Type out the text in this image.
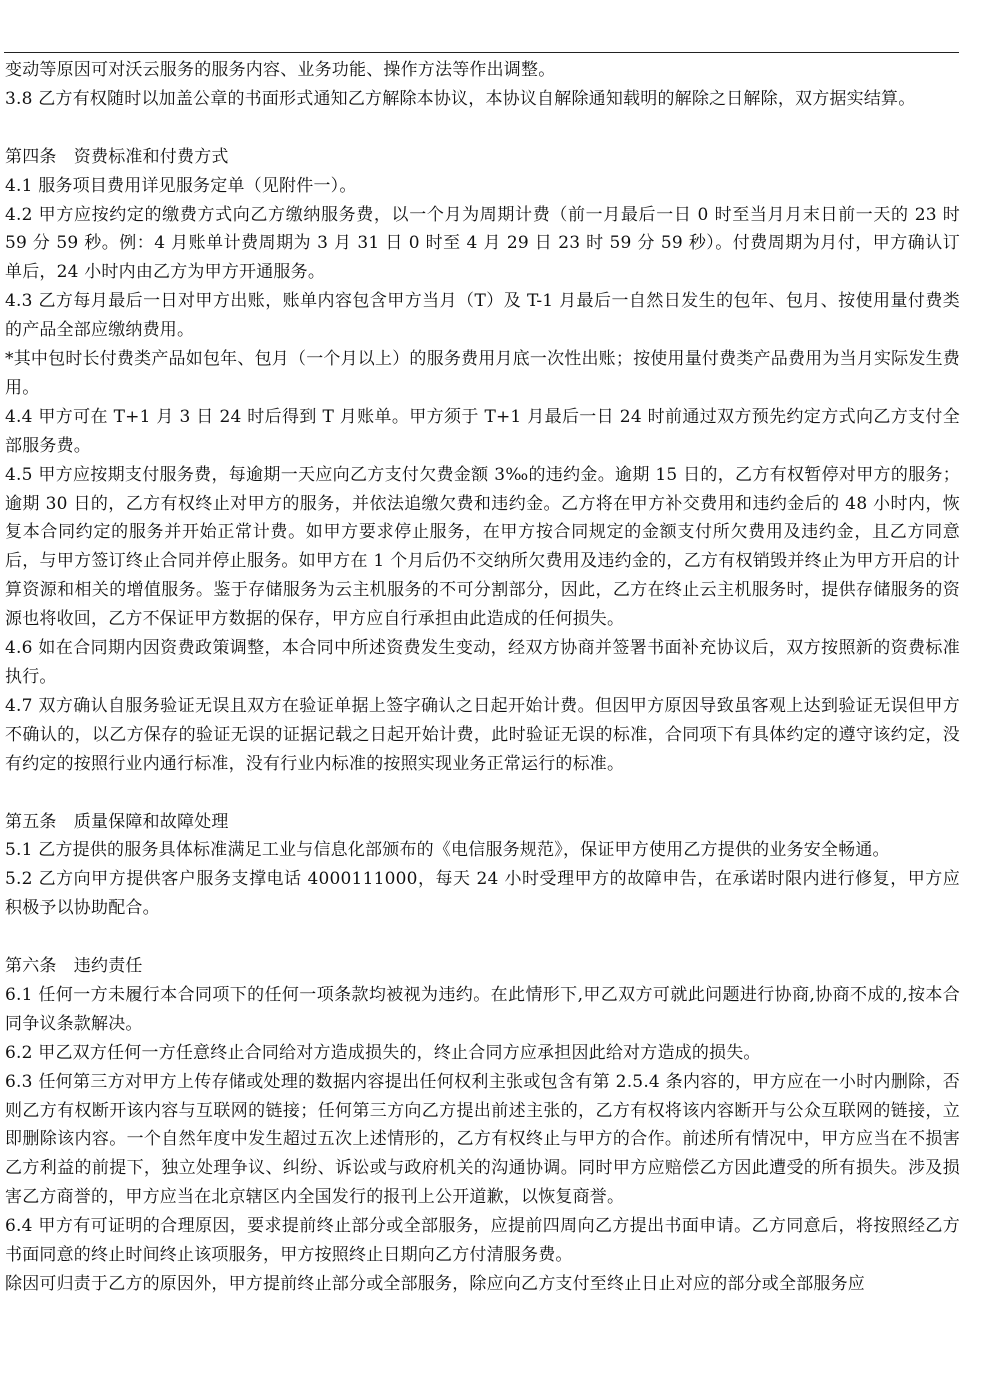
变动等原因可对沃云服务的服务内容、业务功能、操作方法等作出调整。

3.8 乙方有权随时以加盖公章的书面形式通知乙方解除本协议，本协议自解除通知载明的解除之日解除，双方据实结算。

第四条　资费标准和付费方式

4.1 服务项目费用详见服务定单（见附件一）。

4.2 甲方应按约定的缴费方式向乙方缴纳服务费，以一个月为周期计费（前一月最后一日 0 时至当月月末日前一天的 23 时 59 分 59 秒。例：4 月账单计费周期为 3 月 31 日 0 时至 4 月 29 日 23 时 59 分 59 秒）。付费周期为月付，甲方确认订单后，24 小时内由乙方为甲方开通服务。

4.3 乙方每月最后一日对甲方出账，账单内容包含甲方当月（T）及 T-1 月最后一自然日发生的包年、包月、按使用量付费类的产品全部应缴纳费用。

*其中包时长付费类产品如包年、包月（一个月以上）的服务费用月底一次性出账；按使用量付费类产品费用为当月实际发生费用。

4.4 甲方可在 T+1 月 3 日 24 时后得到 T 月账单。甲方须于 T+1 月最后一日 24 时前通过双方预先约定方式向乙方支付全部服务费。

4.5 甲方应按期支付服务费，每逾期一天应向乙方支付欠费金额 3‰的违约金。逾期 15 日的，乙方有权暂停对甲方的服务；逾期 30 日的，乙方有权终止对甲方的服务，并依法追缴欠费和违约金。乙方将在甲方补交费用和违约金后的 48 小时内，恢复本合同约定的服务并开始正常计费。如甲方要求停止服务，在甲方按合同规定的金额支付所欠费用及违约金，且乙方同意后，与甲方签订终止合同并停止服务。如甲方在 1 个月后仍不交纳所欠费用及违约金的，乙方有权销毁并终止为甲方开启的计算资源和相关的增值服务。鉴于存储服务为云主机服务的不可分割部分，因此，乙方在终止云主机服务时，提供存储服务的资源也将收回，乙方不保证甲方数据的保存，甲方应自行承担由此造成的任何损失。

4.6 如在合同期内因资费政策调整，本合同中所述资费发生变动，经双方协商并签署书面补充协议后，双方按照新的资费标准执行。

4.7 双方确认自服务验证无误且双方在验证单据上签字确认之日起开始计费。但因甲方原因导致虽客观上达到验证无误但甲方不确认的，以乙方保存的验证无误的证据记载之日起开始计费，此时验证无误的标准，合同项下有具体约定的遵守该约定，没有约定的按照行业内通行标准，没有行业内标准的按照实现业务正常运行的标准。

第五条　质量保障和故障处理

5.1 乙方提供的服务具体标准满足工业与信息化部颁布的《电信服务规范》，保证甲方使用乙方提供的业务安全畅通。

5.2 乙方向甲方提供客户服务支撑电话 4000111000，每天 24 小时受理甲方的故障申告，在承诺时限内进行修复，甲方应积极予以协助配合。

第六条　违约责任

6.1 任何一方未履行本合同项下的任何一项条款均被视为违约。在此情形下,甲乙双方可就此问题进行协商,协商不成的,按本合同争议条款解决。

6.2 甲乙双方任何一方任意终止合同给对方造成损失的，终止合同方应承担因此给对方造成的损失。

6.3 任何第三方对甲方上传存储或处理的数据内容提出任何权利主张或包含有第 2.5.4 条内容的，甲方应在一小时内删除，否则乙方有权断开该内容与互联网的链接；任何第三方向乙方提出前述主张的，乙方有权将该内容断开与公众互联网的链接，立即删除该内容。一个自然年度中发生超过五次上述情形的，乙方有权终止与甲方的合作。前述所有情况中，甲方应当在不损害乙方利益的前提下，独立处理争议、纠纷、诉讼或与政府机关的沟通协调。同时甲方应赔偿乙方因此遭受的所有损失。涉及损害乙方商誉的，甲方应当在北京辖区内全国发行的报刊上公开道歉，以恢复商誉。

6.4 甲方有可证明的合理原因，要求提前终止部分或全部服务，应提前四周向乙方提出书面申请。乙方同意后，将按照经乙方书面同意的终止时间终止该项服务，甲方按照终止日期向乙方付清服务费。

除因可归责于乙方的原因外，甲方提前终止部分或全部服务，除应向乙方支付至终止日止对应的部分或全部服务应
